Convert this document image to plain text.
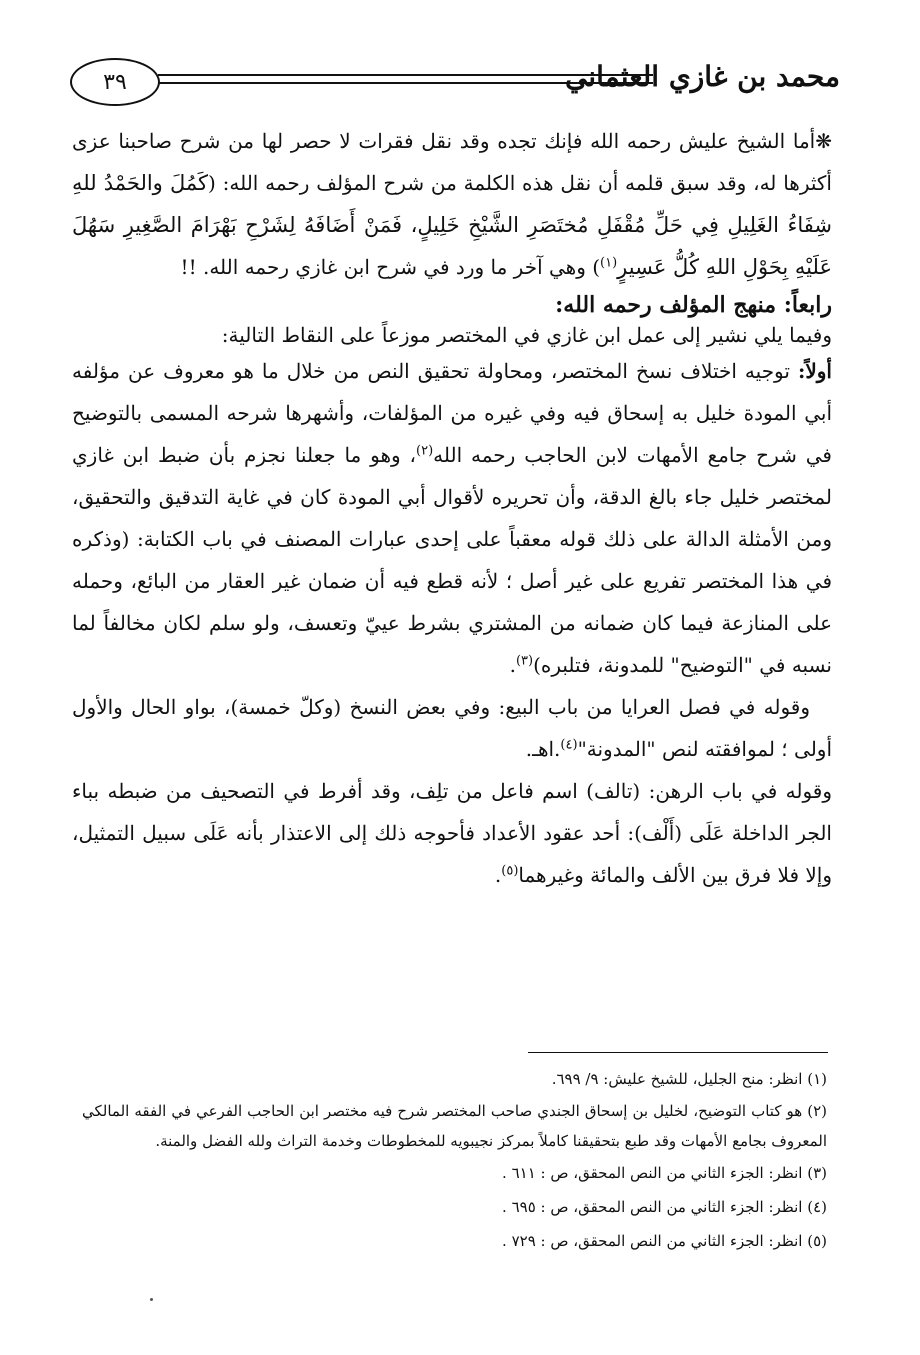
٣٩	محمد بن غازي العثماني

❋أما الشيخ عليش رحمه الله فإنك تجده وقد نقل فقرات لا حصر لها من شرح صاحبنا عزى أكثرها له، وقد سبق قلمه أن نقل هذه الكلمة من شرح المؤلف رحمه الله: (كَمُلَ والحَمْدُ للهِ شِفَاءُ الغَلِيلِ فِي حَلِّ مُقْفَلِ مُختَصَرِ الشَّيْخِ خَلِيلٍ، فَمَنْ أَضَافَهُ لِشَرْحِ بَهْرَامَ الصَّغِيرِ سَهُلَ عَلَيْهِ بِحَوْلِ اللهِ كُلُّ عَسِيرٍ$^{(١)}$) وهي آخر ما ورد في شرح ابن غازي رحمه الله. !!

رابعاً: منهج المؤلف رحمه الله:

وفيما يلي نشير إلى عمل ابن غازي في المختصر موزعاً على النقاط التالية:

أولاً: توجيه اختلاف نسخ المختصر، ومحاولة تحقيق النص من خلال ما هو معروف عن مؤلفه أبي المودة خليل به إسحاق فيه وفي غيره من المؤلفات، وأشهرها شرحه المسمى بالتوضيح في شرح جامع الأمهات لابن الحاجب رحمه الله$^{(٢)}$، وهو ما جعلنا نجزم بأن ضبط ابن غازي لمختصر خليل جاء بالغ الدقة، وأن تحريره لأقوال أبي المودة كان في غاية التدقيق والتحقيق، ومن الأمثلة الدالة على ذلك قوله معقباً على إحدى عبارات المصنف في باب الكتابة: (وذكره في هذا المختصر تفريع على غير أصل ؛ لأنه قطع فيه أن ضمان غير العقار من البائع، وحمله على المنازعة فيما كان ضمانه من المشتري بشرط عييّ وتعسف، ولو سلم لكان مخالفاً لما نسبه في "التوضيح" للمدونة، فتلبره)$^{(٣)}$.

وقوله في فصل العرايا من باب البيع: وفي بعض النسخ (وكلّ خمسة)، بواو الحال والأول أولى ؛ لموافقته لنص "المدونة"$^{(٤)}$.اهـ.

وقوله في باب الرهن: (تالف) اسم فاعل من تلِف، وقد أفرط في التصحيف من ضبطه بباء الجر الداخلة عَلَى (أَلْف): أحد عقود الأعداد فأحوجه ذلك إلى الاعتذار بأنه عَلَى سبيل التمثيل، وإلا فلا فرق بين الألف والمائة وغيرهما$^{(٥)}$.

(١) انظر: منح الجليل، للشيخ عليش: ٩/ ٦٩٩.

(٢) هو كتاب التوضيح، لخليل بن إسحاق الجندي صاحب المختصر شرح فيه مختصر ابن الحاجب الفرعي في الفقه المالكي المعروف بجامع الأمهات وقد طبع بتحقيقنا كاملاً بمركز نجيبويه للمخطوطات وخدمة التراث ولله الفضل والمنة.

(٣) انظر: الجزء الثاني من النص المحقق، ص : ٦١١ .

(٤) انظر: الجزء الثاني من النص المحقق، ص : ٦٩٥ .

(٥) انظر: الجزء الثاني من النص المحقق، ص : ٧٢٩ .
